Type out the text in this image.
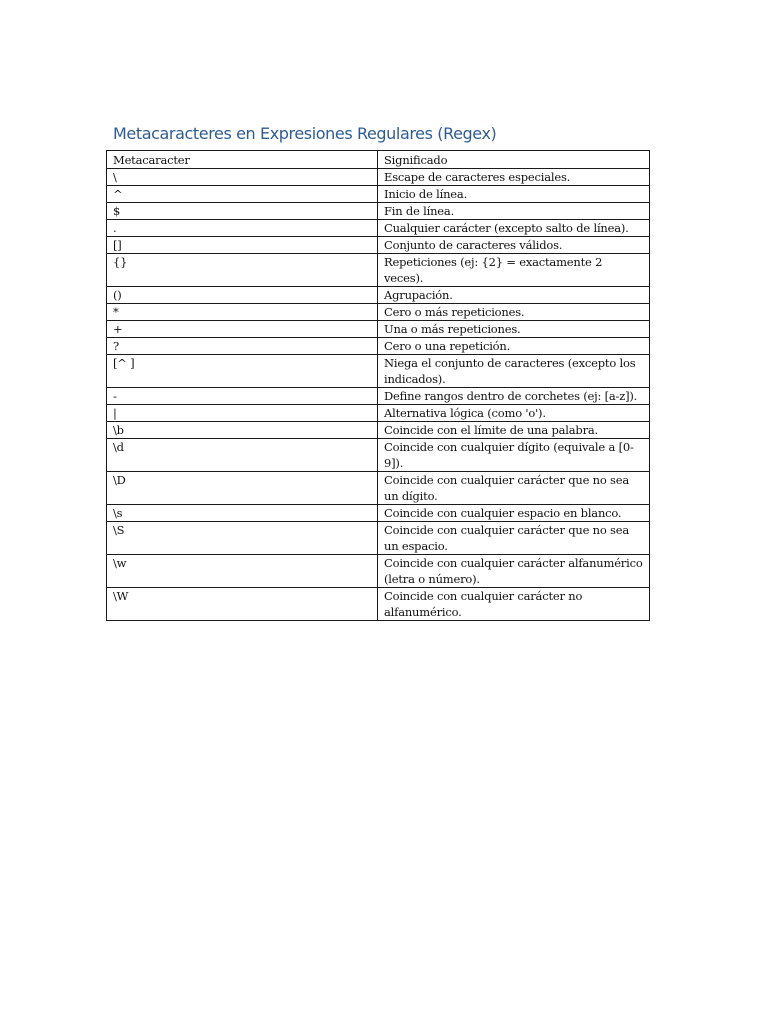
Metacaracteres en Expresiones Regulares (Regex)
Metacaracter	Significado
\	Escape de caracteres especiales.
^	Inicio de línea.
$	Fin de línea.
.	Cualquier carácter (excepto salto de línea).
[]	Conjunto de caracteres válidos.
{}	Repeticiones (ej: {2} = exactamente 2 veces).
()	Agrupación.
*	Cero o más repeticiones.
+	Una o más repeticiones.
?	Cero o una repetición.
[^ ]	Niega el conjunto de caracteres (excepto los indicados).
-	Define rangos dentro de corchetes (ej: [a-z]).
|	Alternativa lógica (como 'o').
\b	Coincide con el límite de una palabra.
\d	Coincide con cualquier dígito (equivale a [0-9]).
\D	Coincide con cualquier carácter que no sea un dígito.
\s	Coincide con cualquier espacio en blanco.
\S	Coincide con cualquier carácter que no sea un espacio.
\w	Coincide con cualquier carácter alfanumérico (letra o número).
\W	Coincide con cualquier carácter no alfanumérico.
